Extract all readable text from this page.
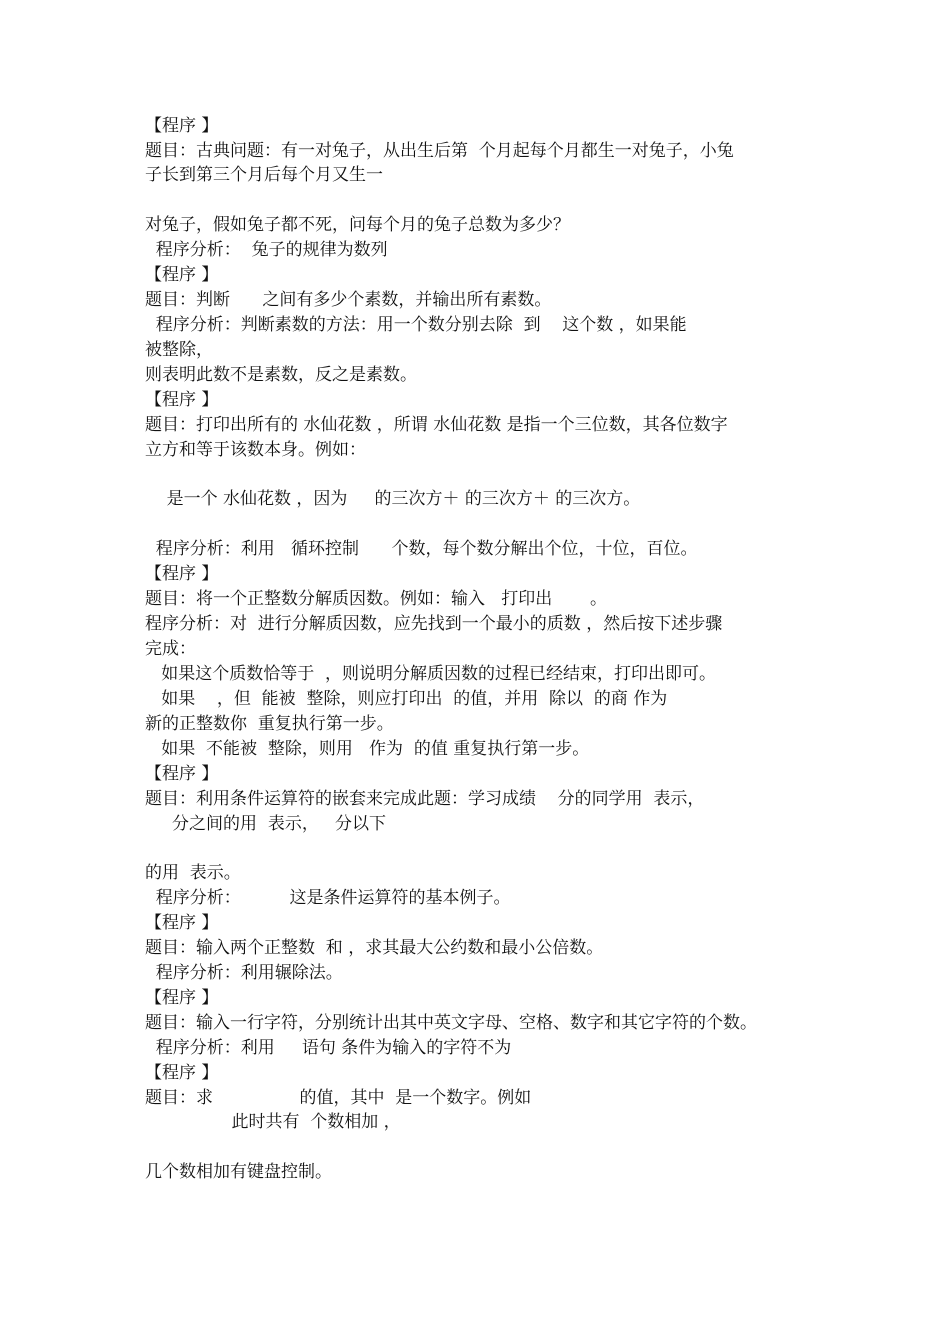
【程序 】
题目：古典问题：有一对兔子，从出生后第  个月起每个月都生一对兔子，小兔
子长到第三个月后每个月又生一
对兔子，假如兔子都不死，问每个月的兔子总数为多少？
程序分析：  兔子的规律为数列
【程序 】
题目：判断      之间有多少个素数，并输出所有素数。
程序分析：判断素数的方法：用一个数分别去除  到    这个数 ，如果能
被整除，
则表明此数不是素数，反之是素数。
【程序 】
题目：打印出所有的 水仙花数 ，所谓 水仙花数 是指一个三位数，其各位数字
立方和等于该数本身。例如：
是一个 水仙花数 ，因为     的三次方＋ 的三次方＋ 的三次方。
程序分析：利用   循环控制      个数，每个数分解出个位，十位，百位。
【程序 】
题目：将一个正整数分解质因数。例如：输入   打印出       。
程序分析：对  进行分解质因数，应先找到一个最小的质数 ，然后按下述步骤
完成：
如果这个质数恰等于  ，则说明分解质因数的过程已经结束，打印出即可。
如果    ，但  能被  整除，则应打印出  的值，并用  除以  的商 作为
新的正整数你  重复执行第一步。
如果  不能被  整除，则用   作为  的值 重复执行第一步。
【程序 】
题目：利用条件运算符的嵌套来完成此题：学习成绩    分的同学用  表示，
分之间的用  表示，   分以下
的用  表示。
程序分析：         这是条件运算符的基本例子。
【程序 】
题目：输入两个正整数  和 ，求其最大公约数和最小公倍数。
程序分析：利用辗除法。
【程序 】
题目：输入一行字符，分别统计出其中英文字母、空格、数字和其它字符的个数。
程序分析：利用     语句 条件为输入的字符不为
【程序 】
题目：求                的值，其中  是一个数字。例如
此时共有  个数相加 ，
几个数相加有键盘控制。
